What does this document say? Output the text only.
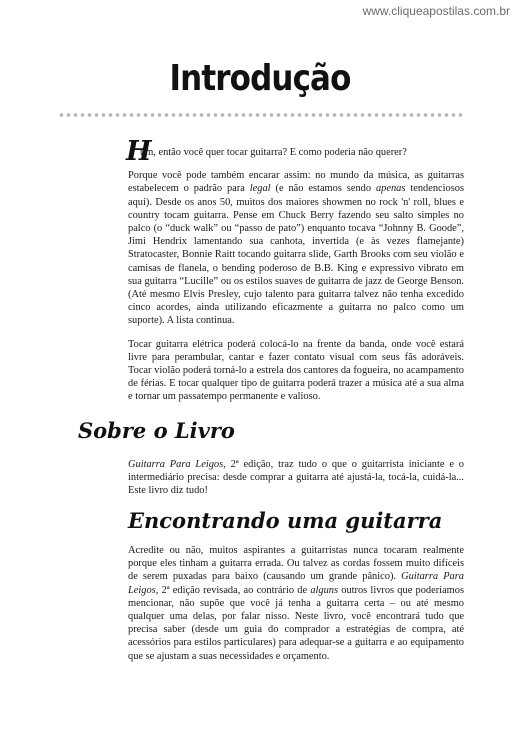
www.cliqueapostilas.com.br
Introdução

H
um, então você quer tocar guitarra? E como poderia não querer?

Porque você pode também encarar assim: no mundo da música, as guitarras estabelecem o padrão para legal (e não estamos sendo apenas tendenciosos aqui). Desde os anos 50, muitos dos maiores showmen no rock 'n' roll, blues e country tocam guitarra. Pense em Chuck Berry fazendo seu salto simples no palco (o “duck walk” ou “passo de pato”) enquanto tocava “Johnny B. Goode”, Jimi Hendrix lamentando sua canhota, invertida (e às vezes flamejante) Stratocaster, Bonnie Raitt tocando guitarra slide, Garth Brooks com seu violão e camisas de flanela, o bending poderoso de B.B. King e expressivo vibrato em sua guitarra “Lucille” ou os estilos suaves de guitarra de jazz de George Benson. (Até mesmo Elvis Presley, cujo talento para guitarra talvez não tenha excedido cinco acordes, ainda utilizando eficazmente a guitarra no palco como um suporte). A lista continua.

Tocar guitarra elétrica poderá colocá-lo na frente da banda, onde você estará livre para perambular, cantar e fazer contato visual com seus fãs adoráveis. Tocar violão poderá torná-lo a estrela dos cantores da fogueira, no acampamento de férias. E tocar qualquer tipo de guitarra poderá trazer a música até a sua alma e tornar um passatempo permanente e valioso.

Sobre o Livro

Guitarra Para Leigos, 2ª edição, traz tudo o que o guitarrista iniciante e o intermediário precisa: desde comprar a guitarra até ajustá-la, tocá-la, cuidá-la... Este livro diz tudo!

Encontrando uma guitarra

Acredite ou não, muitos aspirantes a guitarristas nunca tocaram realmente porque eles tinham a guitarra errada. Ou talvez as cordas fossem muito difíceis de serem puxadas para baixo (causando um grande pânico). Guitarra Para Leigos, 2ª edição revisada, ao contrário de alguns outros livros que poderíamos mencionar, não supõe que você já tenha a guitarra certa – ou até mesmo qualquer uma delas, por falar nisso. Neste livro, você encontrará tudo que precisa saber (desde um guia do comprador a estratégias de compra, até acessórios para estilos particulares) para adequar-se a guitarra e ao equipamento que se ajustam a suas necessidades e orçamento.
